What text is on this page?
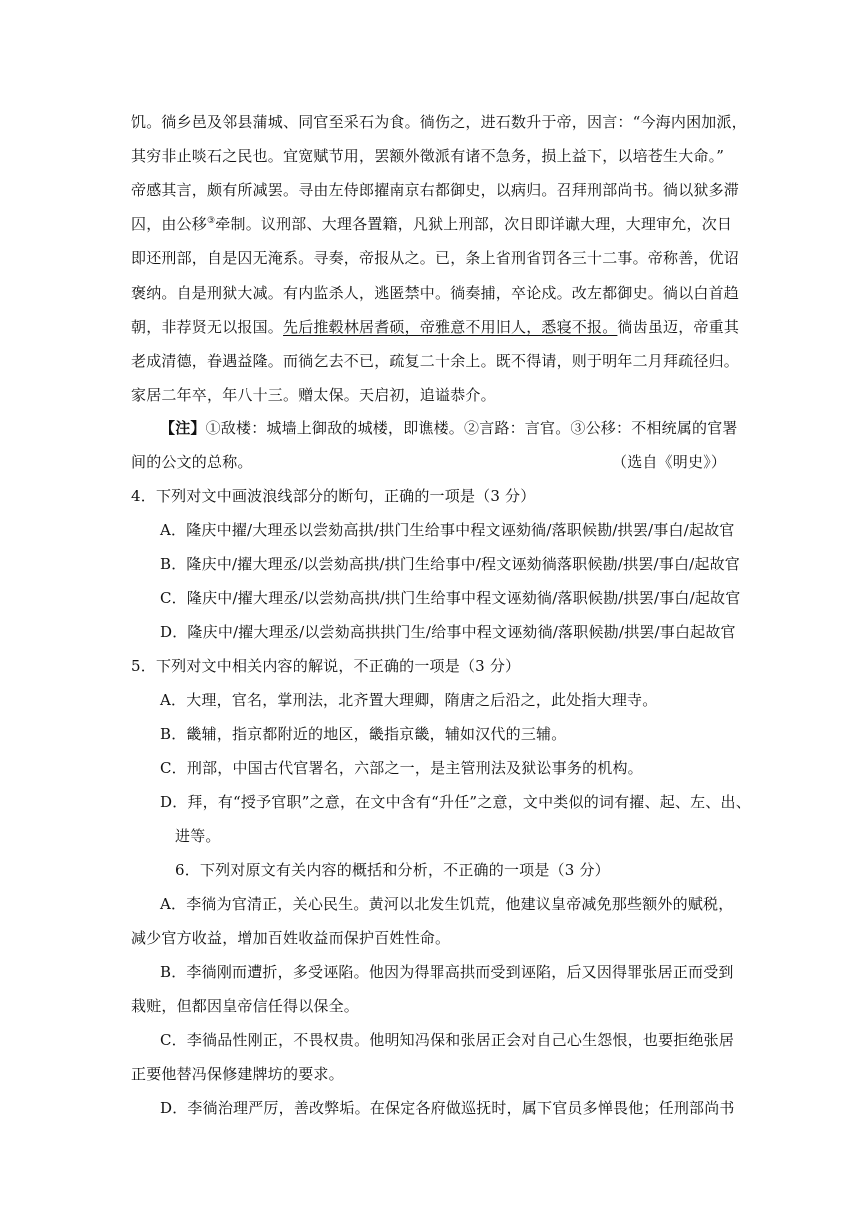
饥。徜乡邑及邻县蒲城、同官至采石为食。徜伤之，进石数升于帝，因言：“今海内困加派，
其穷非止啖石之民也。宜宽赋节用，罢额外徵派有诸不急务，损上益下，以培苍生大命。”
帝感其言，颇有所减罢。寻由左侍郎擢南京右都御史，以病归。召拜刑部尚书。徜以狱多滞
囚，由公移③牵制。议刑部、大理各置籍，凡狱上刑部，次日即详谳大理，大理审允，次日
即还刑部，自是囚无淹系。寻奏，帝报从之。已，条上省刑省罚各三十二事。帝称善，优诏
褒纳。自是刑狱大减。有内监杀人，逃匿禁中。徜奏捕，卒论戍。改左都御史。徜以白首趋
朝，非荐贤无以报国。先后推毂林居耆硕，帝雅意不用旧人，悉寝不报。徜齿虽迈，帝重其
老成清德，眷遇益隆。而徜乞去不已，疏复二十余上。既不得请，则于明年二月拜疏径归。
家居二年卒，年八十三。赠太保。天启初，追谥恭介。
【注】①敌楼：城墙上御敌的城楼，即谯楼。②言路：言官。③公移：不相统属的官署
间的公文的总称。	（选自《明史》）
4．下列对文中画波浪线部分的断句，正确的一项是（3 分）
A．隆庆中擢/大理丞以尝劾高拱/拱门生给事中程文诬劾徜/落职候勘/拱罢/事白/起故官
B．隆庆中/擢大理丞/以尝劾高拱/拱门生给事中/程文诬劾徜落职候勘/拱罢/事白/起故官
C．隆庆中/擢大理丞/以尝劾高拱/拱门生给事中程文诬劾徜/落职候勘/拱罢/事白/起故官
D．隆庆中/擢大理丞/以尝劾高拱拱门生/给事中程文诬劾徜/落职候勘/拱罢/事白起故官
5．下列对文中相关内容的解说，不正确的一项是（3 分）
A．大理，官名，掌刑法，北齐置大理卿，隋唐之后沿之，此处指大理寺。
B．畿辅，指京都附近的地区，畿指京畿，辅如汉代的三辅。
C．刑部，中国古代官署名，六部之一，是主管刑法及狱讼事务的机构。
D．拜，有“授予官职”之意，在文中含有“升任”之意，文中类似的词有擢、起、左、出、
进等。
6．下列对原文有关内容的概括和分析，不正确的一项是（3 分）
A．李徜为官清正，关心民生。黄河以北发生饥荒，他建议皇帝减免那些额外的赋税，
减少官方收益，增加百姓收益而保护百姓性命。
B．李徜刚而遭折，多受诬陷。他因为得罪高拱而受到诬陷，后又因得罪张居正而受到
栽赃，但都因皇帝信任得以保全。
C．李徜品性刚正，不畏权贵。他明知冯保和张居正会对自己心生怨恨，也要拒绝张居
正要他替冯保修建牌坊的要求。
D．李徜治理严厉，善改弊垢。在保定各府做巡抚时，属下官员多惮畏他；任刑部尚书
